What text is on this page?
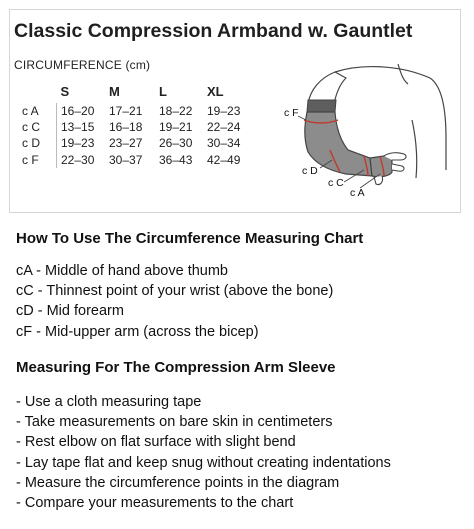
Classic Compression Armband w. Gauntlet
CIRCUMFERENCE (cm)
	S	M	L	XL
c A	16–20	17–21	18–22	19–23
c C	13–15	16–18	19–21	22–24
c D	19–23	23–27	26–30	30–34
c F	22–30	30–37	36–43	42–49
c F
c D
c C
c A
How To Use The Circumference Measuring Chart
cA - Middle of hand above thumb
cC - Thinnest point of your wrist (above the bone)
cD - Mid forearm
cF - Mid-upper arm (across the bicep)
Measuring For The Compression Arm Sleeve
- Use a cloth measuring tape
- Take measurements on bare skin in centimeters
- Rest elbow on flat surface with slight bend
- Lay tape flat and keep snug without creating indentations
- Measure the circumference points in the diagram
- Compare your measurements to the chart
